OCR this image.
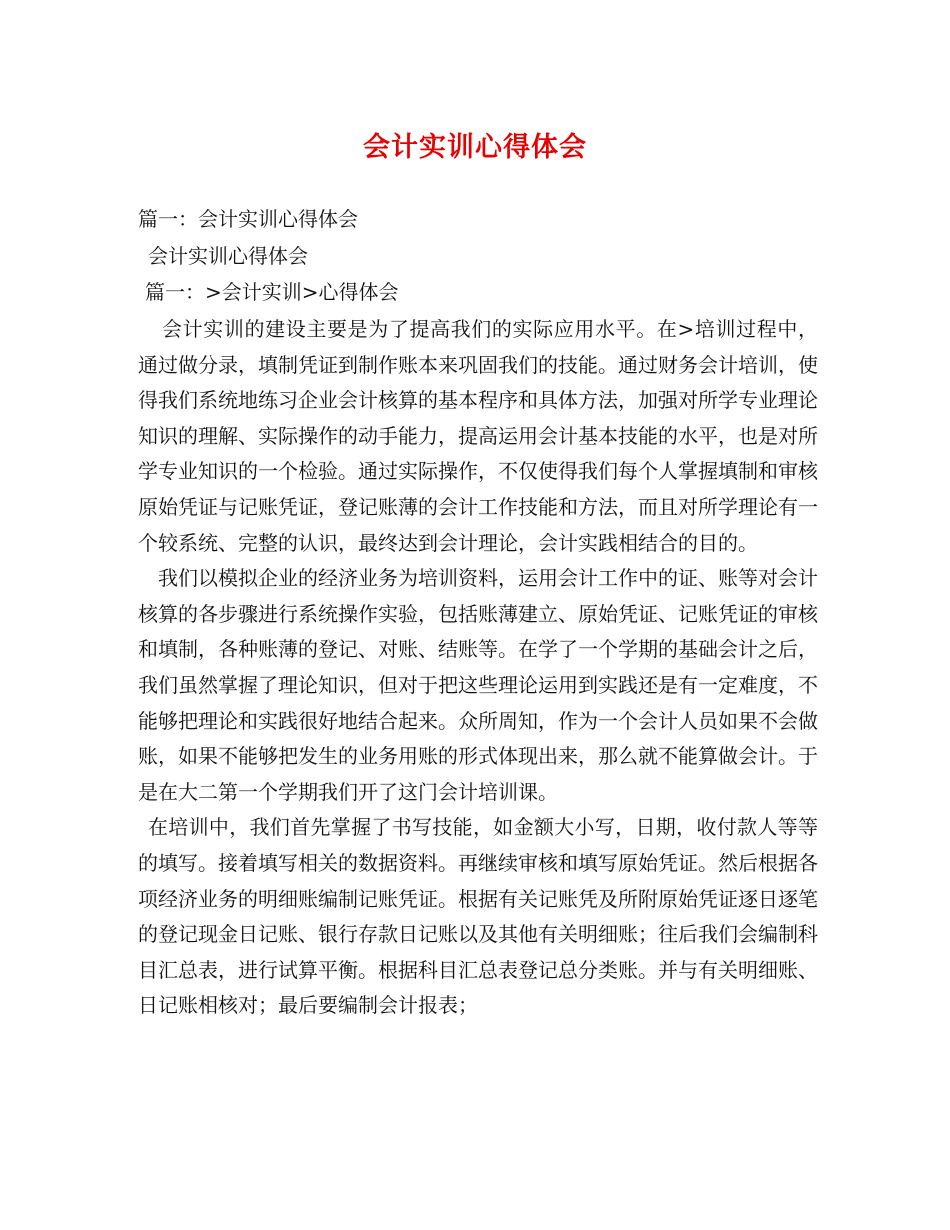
会计实训心得体会
篇一：会计实训心得体会
会计实训心得体会
篇一：>会计实训>心得体会

会计实训的建设主要是为了提高我们的实际应用水平。在>培训过程中，通过做分录，填制凭证到制作账本来巩固我们的技能。通过财务会计培训，使得我们系统地练习企业会计核算的基本程序和具体方法，加强对所学专业理论知识的理解、实际操作的动手能力，提高运用会计基本技能的水平，也是对所学专业知识的一个检验。通过实际操作，不仅使得我们每个人掌握填制和审核原始凭证与记账凭证，登记账薄的会计工作技能和方法，而且对所学理论有一个较系统、完整的认识，最终达到会计理论，会计实践相结合的目的。

我们以模拟企业的经济业务为培训资料，运用会计工作中的证、账等对会计核算的各步骤进行系统操作实验，包括账薄建立、原始凭证、记账凭证的审核和填制，各种账薄的登记、对账、结账等。在学了一个学期的基础会计之后，我们虽然掌握了理论知识，但对于把这些理论运用到实践还是有一定难度，不能够把理论和实践很好地结合起来。众所周知，作为一个会计人员如果不会做账，如果不能够把发生的业务用账的形式体现出来，那么就不能算做会计。于是在大二第一个学期我们开了这门会计培训课。

在培训中，我们首先掌握了书写技能，如金额大小写，日期，收付款人等等的填写。接着填写相关的数据资料。再继续审核和填写原始凭证。然后根据各项经济业务的明细账编制记账凭证。根据有关记账凭及所附原始凭证逐日逐笔的登记现金日记账、银行存款日记账以及其他有关明细账；往后我们会编制科目汇总表，进行试算平衡。根据科目汇总表登记总分类账。并与有关明细账、日记账相核对；最后要编制会计报表；
